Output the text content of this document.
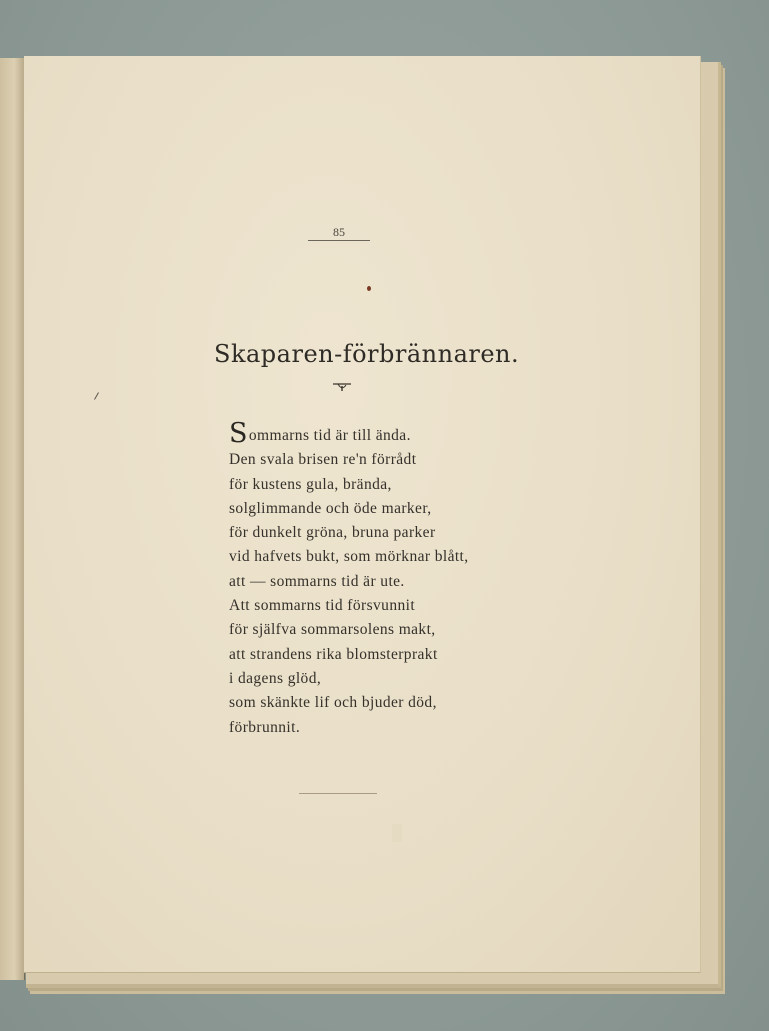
85
Skaparen-förbrännaren.
Sommarns tid är till ända.
Den svala brisen re'n förrådt
för kustens gula, brända,
solglimmande och öde marker,
för dunkelt gröna, bruna parker
vid hafvets bukt, som mörknar blått,
att — sommarns tid är ute.
Att sommarns tid försvunnit
för själfva sommarsolens makt,
att strandens rika blomsterprakt
i dagens glöd,
som skänkte lif och bjuder död,
förbrunnit.
